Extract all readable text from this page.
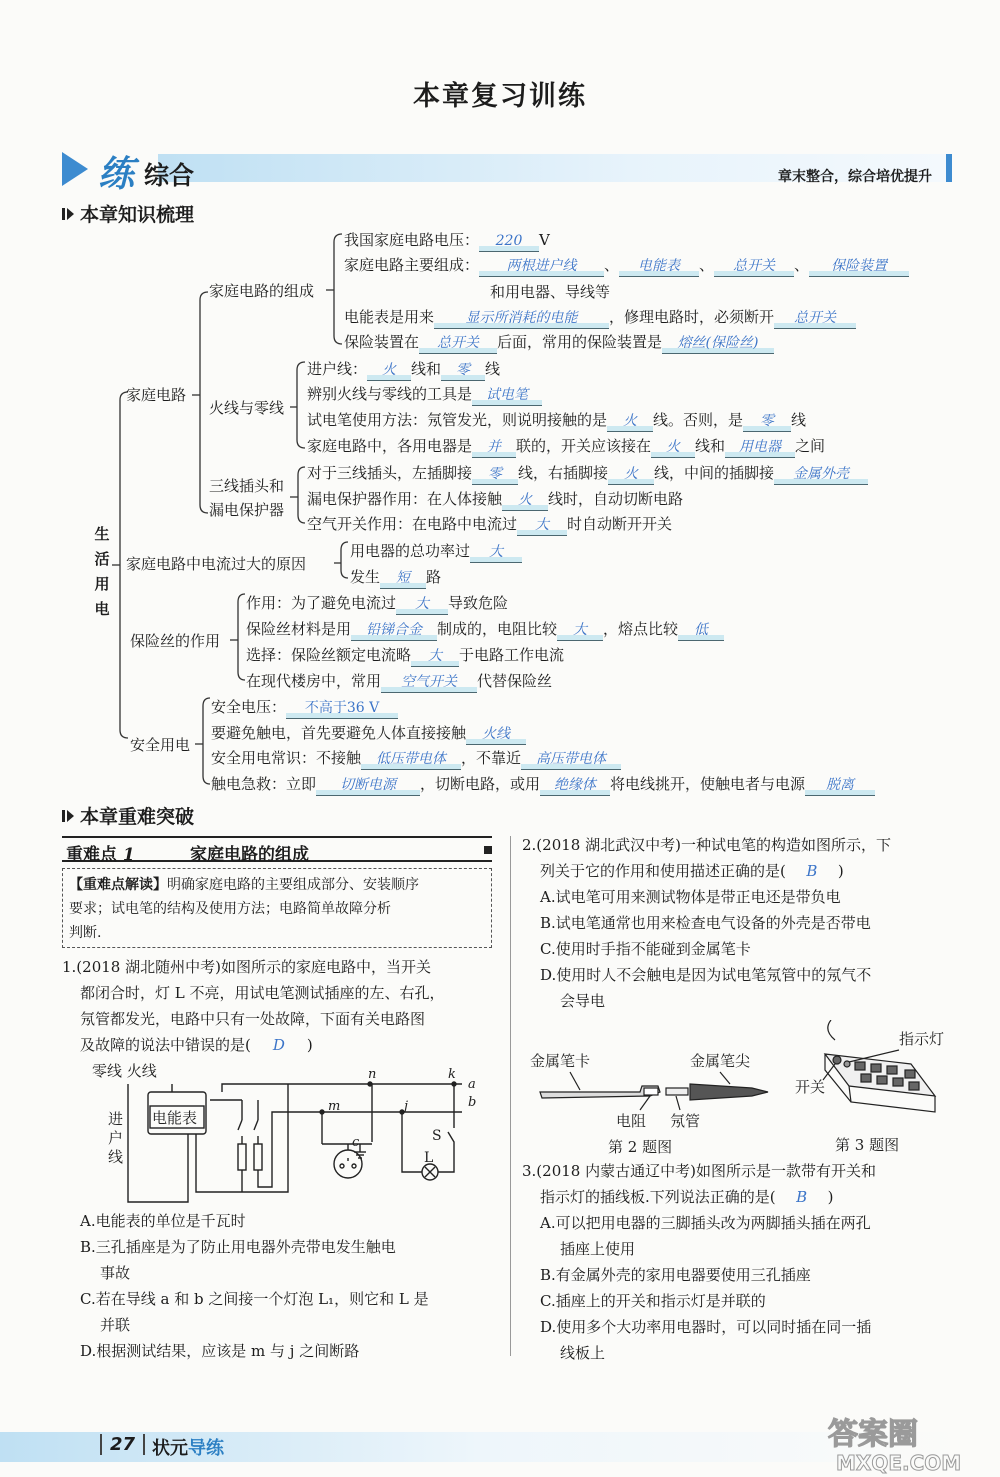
本章复习训练
章末整合，综合培优提升
练 综合
本章知识梳理
生活用电
家庭电路
家庭电路中电流过大的原因
保险丝的作用
安全用电
家庭电路的组成
火线与零线
三线插头和
漏电保护器
我国家庭电路电压： 220 V
家庭电路主要组成： 两根进户线 、 电能表 、 总开关 、 保险装置
和用电器、导线等
电能表是用来 显示所消耗的电能 ，修理电路时，必须断开 总开关
保险装置在 总开关 后面，常用的保险装置是 熔丝(保险丝)
进户线： 火 线和 零 线
辨别火线与零线的工具是 试电笔
试电笔使用方法：氖管发光，则说明接触的是 火 线。否则，是 零 线
家庭电路中，各用电器是 并 联的，开关应该接在 火 线和 用电器 之间
对于三线插头，左插脚接 零 线，右插脚接 火 线，中间的插脚接 金属外壳
漏电保护器作用：在人体接触 火 线时，自动切断电路
空气开关作用：在电路中电流过 大 时自动断开开关
用电器的总功率过 大
发生 短 路
作用：为了避免电流过 大 导致危险
保险丝材料是用 铅锑合金 制成的，电阻比较 大 ，熔点比较 低
选择：保险丝额定电流略 大 于电路工作电流
在现代楼房中，常用 空气开关 代替保险丝
安全电压： 不高于36 V
要避免触电，首先要避免人体直接接触 火线
安全用电常识：不接触 低压带电体 ，不靠近 高压带电体
触电急救：立即 切断电源 ，切断电路，或用 绝缘体 将电线挑开，使触电者与电源 脱离
本章重难突破
重难点 1	家庭电路的组成
【重难点解读】明确家庭电路的主要组成部分、安装顺序
要求；试电笔的结构及使用方法；电路简单故障分析
判断.
1.(2018 湖北随州中考)如图所示的家庭电路中，当开关
都闭合时，灯 L 不亮，用试电笔测试插座的左、右孔，
氖管都发光，电路中只有一处故障，下面有关电路图
及故障的说法中错误的是( D )
零线 火线
进
户
线
电能表
n	k
a
b
m	j
c	S
L
A.电能表的单位是千瓦时
B.三孔插座是为了防止用电器外壳带电发生触电
事故
C.若在导线 a 和 b 之间接一个灯泡 L₁，则它和 L 是
并联
D.根据测试结果，应该是 m 与 j 之间断路
2.(2018 湖北武汉中考)一种试电笔的构造如图所示，下
列关于它的作用和使用描述正确的是( B )
A.试电笔可用来测试物体是带正电还是带负电
B.试电笔通常也用来检查电气设备的外壳是否带电
C.使用时手指不能碰到金属笔卡
D.使用时人不会触电是因为试电笔氖管中的氖气不
会导电
金属笔卡	金属笔尖
电阻 氖管
第 2 题图
指示灯
开关
第 3 题图
3.(2018 内蒙古通辽中考)如图所示是一款带有开关和
指示灯的插线板.下列说法正确的是( B )
A.可以把用电器的三脚插头改为两脚插头插在两孔
插座上使用
B.有金属外壳的家用电器要使用三孔插座
C.插座上的开关和指示灯是并联的
D.使用多个大功率用电器时，可以同时插在同一插
线板上
27 状元导练	答案圈
MXQE.COM
